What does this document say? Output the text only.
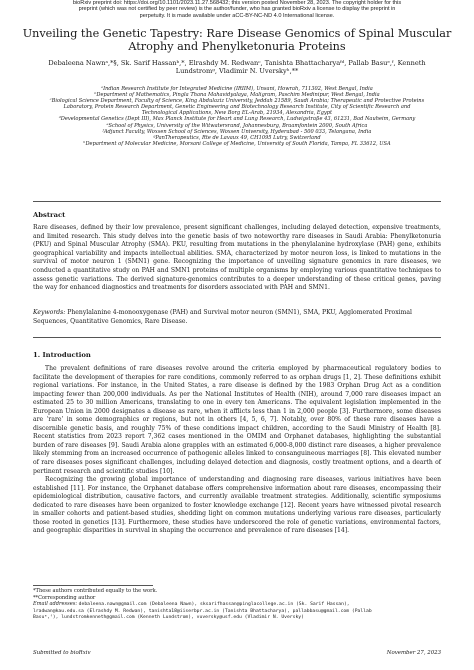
bioRxiv preprint doi: https://doi.org/10.1101/2023.11.27.568432; this version posted November 28, 2023. The copyright holder for this
preprint (which was not certified by peer review) is the author/funder, who has granted bioRxiv a license to display the preprint in
perpetuity. It is made available under aCC-BY-NC-ND 4.0 International license.
Unveiling the Genetic Tapestry: Rare Disease Genomics of Spinal Muscular Atrophy and Phenylketonuria Proteins
Debaleena Nawnᵃ,*§, Sk. Sarif Hassanᵇ,*, Elrashdy M. Redwanᶜ, Tanishta Bhattacharyaᶠᵈ, Pallab Basuᵉ,ᶠ, Kenneth
Lundstromᵍ, Vladimir N. Uverskyʰ,**
ᵃIndian Research Institute for Integrated Medicine (IRIIM), Unsani, Howrah, 711302, West Bengal, India
ᵇDepartment of Mathematics, Pingla Thana Mahavidyalaya, Maligram, Paschim Medinipur, West Bengal, India
ᶜBiological Science Department, Faculty of Science, King Abdulaziz University, Jeddah 21589, Saudi Arabia; Therapeutic and Protective Proteins
Laboratory, Protein Research Department, Genetic Engineering and Biotechnology Research Institute, City of Scientific Research and
Technological Applications, New Borg EL-Arab, 21934, Alexandria, Egypt
ᵈDevelopmental Genetics (Dept III), Max Planck Institute for Heart and Lung Research, Ludwigstraße 43, 61231, Bad Nauheim, Germany
ᵉSchool of Physics, University of the Witwatersrand, Johannesburg, Braamfontein 2000, South Africa
ᶠAdjunct Faculty, Woxsen School of Sciences, Woxsen University, Hyderabad - 500 033, Telangana, India
ᵍPanTherapeutics, Rte de Lavaux 49, CH1095 Lutry, Switzerland
ʰDepartment of Molecular Medicine, Morsani College of Medicine, University of South Florida, Tampa, FL 33612, USA
Abstract
Rare diseases, defined by their low prevalence, present significant challenges, including delayed detection, expensive treatments, and limited research. This study delves into the genetic basis of two noteworthy rare diseases in Saudi Arabia: Phenylketonuria (PKU) and Spinal Muscular Atrophy (SMA). PKU, resulting from mutations in the phenylalanine hydroxylase (PAH) gene, exhibits geographical variability and impacts intellectual abilities. SMA, characterized by motor neuron loss, is linked to mutations in the survival of motor neuron 1 (SMN1) gene. Recognizing the importance of unveiling signature genomics in rare diseases, we conducted a quantitative study on PAH and SMN1 proteins of multiple organisms by employing various quantitative techniques to assess genetic variations. The derived signature-genomics contributes to a deeper understanding of these critical genes, paving the way for enhanced diagnostics and treatments for disorders associated with PAH and SMN1.
Keywords: Phenylalanine 4-monooxygenase (PAH) and Survival motor neuron (SMN1), SMA, PKU, Agglomerated Proximal Sequences, Quantitative Genomics, Rare Disease.
1. Introduction

The prevalent definitions of rare diseases revolve around the criteria employed by pharmaceutical regulatory bodies to facilitate the development of therapies for rare conditions, commonly referred to as orphan drugs [1, 2]. These definitions exhibit regional variations. For instance, in the United States, a rare disease is defined by the 1983 Orphan Drug Act as a condition impacting fewer than 200,000 individuals. As per the National Institutes of Health (NIH), around 7,000 rare diseases impact an estimated 25 to 30 million Americans, translating to one in every ten Americans. The equivalent legislation implemented in the European Union in 2000 designates a disease as rare, when it afflicts less than 1 in 2,000 people [3]. Furthermore, some diseases are ‘rare’ in some demographics or regions, but not in others [4, 5, 6, 7]. Notably, over 80% of these rare diseases have a discernible genetic basis, and roughly 75% of these conditions impact children, according to the Saudi Ministry of Health [8]. Recent statistics from 2023 report 7,362 cases mentioned in the OMIM and Orphanet databases, highlighting the substantial burden of rare diseases [9]. Saudi Arabia alone grapples with an estimated 6,000-8,000 distinct rare diseases, a higher prevalence likely stemming from an increased occurrence of pathogenic alleles linked to consanguineous marriages [8]. This elevated number of rare diseases poses significant challenges, including delayed detection and diagnosis, costly treatment options, and a dearth of pertinent research and scientific studies [10].

Recognizing the growing global importance of understanding and diagnosing rare diseases, various initiatives have been established [11]. For instance, the Orphanet database offers comprehensive information about rare diseases, encompassing their epidemiological distribution, causative factors, and currently available treatment strategies. Additionally, scientific symposiums dedicated to rare diseases have been organized to foster knowledge exchange [12]. Recent years have witnessed pivotal research in smaller cohorts and patient-based studies, shedding light on common mutations underlying various rare diseases, particularly those rooted in genetics [13]. Furthermore, these studies have underscored the role of genetic variations, environmental factors, and geographic disparities in survival in shaping the occurrence and prevalence of rare diseases [14].

*These authors contributed equally to the work.
**Corresponding author
Email addresses: debaleena.nawn@gmail.com (Debaleena Nawn), sksarifhassan@pinglacollege.ac.in (Sk. Sarif Hassan),
lradwan@kau.edu.sa (Elrashdy M. Redwan), tanishta18@iiserbpr.ac.in (Tanishta Bhattacharya), pallabbasu@gmail.com (Pallab
Basuᵉ,ᶠ), lundstromkenneth@gmail.com (Kenneth Lundstrom), vuversky@usf.edu (Vladimir N. Uversky)
Submitted to bioRxiv	November 27, 2023
